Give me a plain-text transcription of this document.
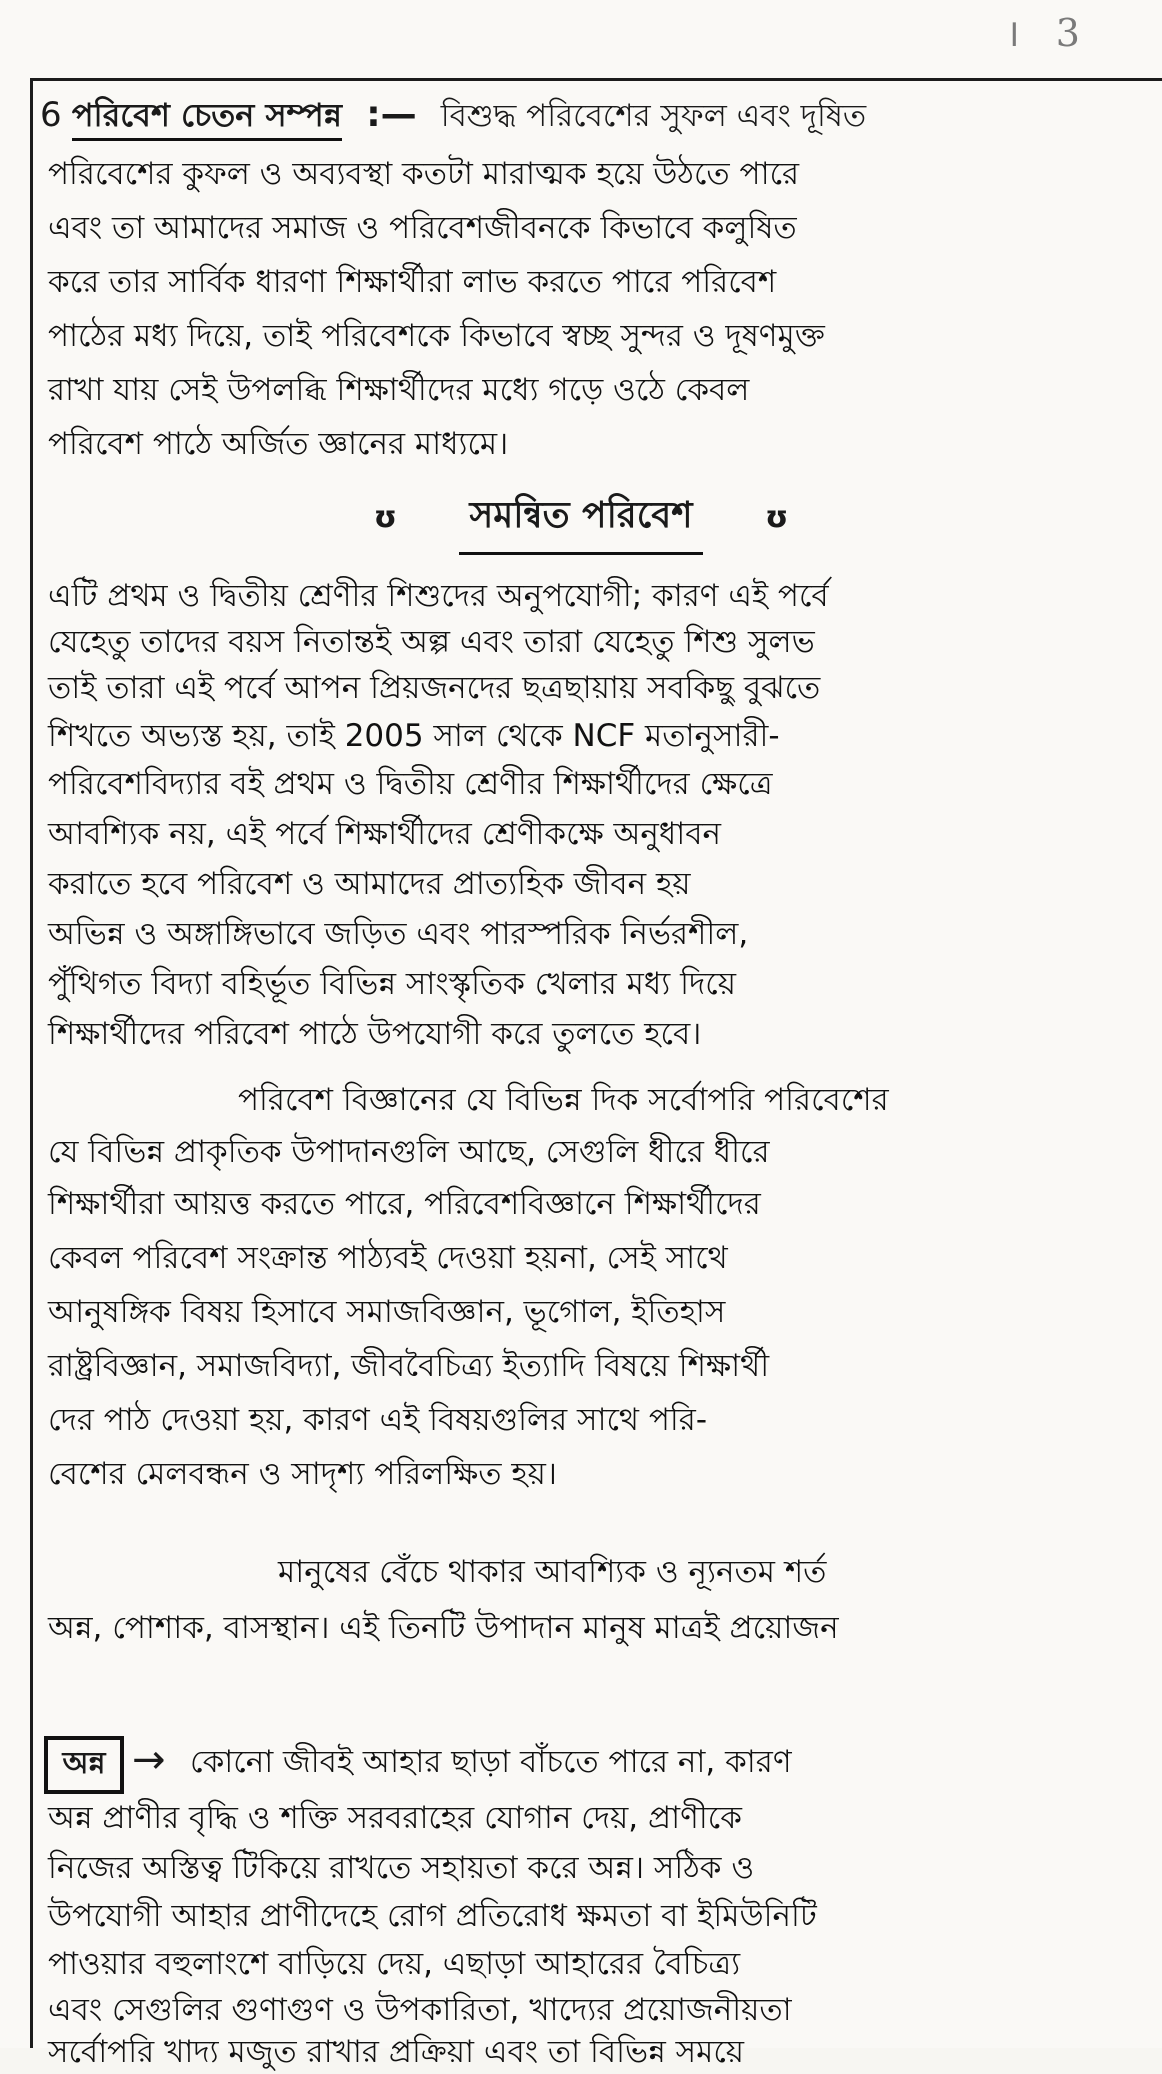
। 3
6 পরিবেশ চেতন সম্পন্ন :— বিশুদ্ধ পরিবেশের সুফল এবং দূষিত
পরিবেশের কুফল ও অব্যবস্থা কতটা মারাত্মক হয়ে উঠতে পারে
এবং তা আমাদের সমাজ ও পরিবেশজীবনকে কিভাবে কলুষিত
করে তার সার্বিক ধারণা শিক্ষার্থীরা লাভ করতে পারে পরিবেশ
পাঠের মধ্য দিয়ে, তাই পরিবেশকে কিভাবে স্বচ্ছ সুন্দর ও দূষণমুক্ত
রাখা যায় সেই উপলব্ধি শিক্ষার্থীদের মধ্যে গড়ে ওঠে কেবল
পরিবেশ পাঠে অর্জিত জ্ঞানের মাধ্যমে।
ʊ সমন্বিত পরিবেশ ʊ
এটি প্রথম ও দ্বিতীয় শ্রেণীর শিশুদের অনুপযোগী; কারণ এই পর্বে
যেহেতু তাদের বয়স নিতান্তই অল্প এবং তারা যেহেতু শিশু সুলভ
তাই তারা এই পর্বে আপন প্রিয়জনদের ছত্রছায়ায় সবকিছু বুঝতে
শিখতে অভ্যস্ত হয়, তাই 2005 সাল থেকে NCF মতানুসারী-
পরিবেশবিদ্যার বই প্রথম ও দ্বিতীয় শ্রেণীর শিক্ষার্থীদের ক্ষেত্রে
আবশ্যিক নয়, এই পর্বে শিক্ষার্থীদের শ্রেণীকক্ষে অনুধাবন
করাতে হবে পরিবেশ ও আমাদের প্রাত্যহিক জীবন হয়
অভিন্ন ও অঙ্গাঙ্গিভাবে জড়িত এবং পারস্পরিক নির্ভরশীল,
পুঁথিগত বিদ্যা বহির্ভূত বিভিন্ন সাংস্কৃতিক খেলার মধ্য দিয়ে
শিক্ষার্থীদের পরিবেশ পাঠে উপযোগী করে তুলতে হবে।
পরিবেশ বিজ্ঞানের যে বিভিন্ন দিক সর্বোপরি পরিবেশের
যে বিভিন্ন প্রাকৃতিক উপাদানগুলি আছে, সেগুলি ধীরে ধীরে
শিক্ষার্থীরা আয়ত্ত করতে পারে, পরিবেশবিজ্ঞানে শিক্ষার্থীদের
কেবল পরিবেশ সংক্রান্ত পাঠ্যবই দেওয়া হয়না, সেই সাথে
আনুষঙ্গিক বিষয় হিসাবে সমাজবিজ্ঞান, ভূগোল, ইতিহাস
রাষ্ট্রবিজ্ঞান, সমাজবিদ্যা, জীববৈচিত্র্য ইত্যাদি বিষয়ে শিক্ষার্থী
দের পাঠ দেওয়া হয়, কারণ এই বিষয়গুলির সাথে পরি-
বেশের মেলবন্ধন ও সাদৃশ্য পরিলক্ষিত হয়।
মানুষের বেঁচে থাকার আবশ্যিক ও ন্যূনতম শর্ত
অন্ন, পোশাক, বাসস্থান। এই তিনটি উপাদান মানুষ মাত্রই প্রয়োজন
অন্ন → কোনো জীবই আহার ছাড়া বাঁচতে পারে না, কারণ
অন্ন প্রাণীর বৃদ্ধি ও শক্তি সরবরাহের যোগান দেয়, প্রাণীকে
নিজের অস্তিত্ব টিকিয়ে রাখতে সহায়তা করে অন্ন। সঠিক ও
উপযোগী আহার প্রাণীদেহে রোগ প্রতিরোধ ক্ষমতা বা ইমিউনিটি
পাওয়ার বহুলাংশে বাড়িয়ে দেয়, এছাড়া আহারের বৈচিত্র্য
এবং সেগুলির গুণাগুণ ও উপকারিতা, খাদ্যের প্রয়োজনীয়তা
সর্বোপরি খাদ্য মজুত রাখার প্রক্রিয়া এবং তা বিভিন্ন সময়ে
